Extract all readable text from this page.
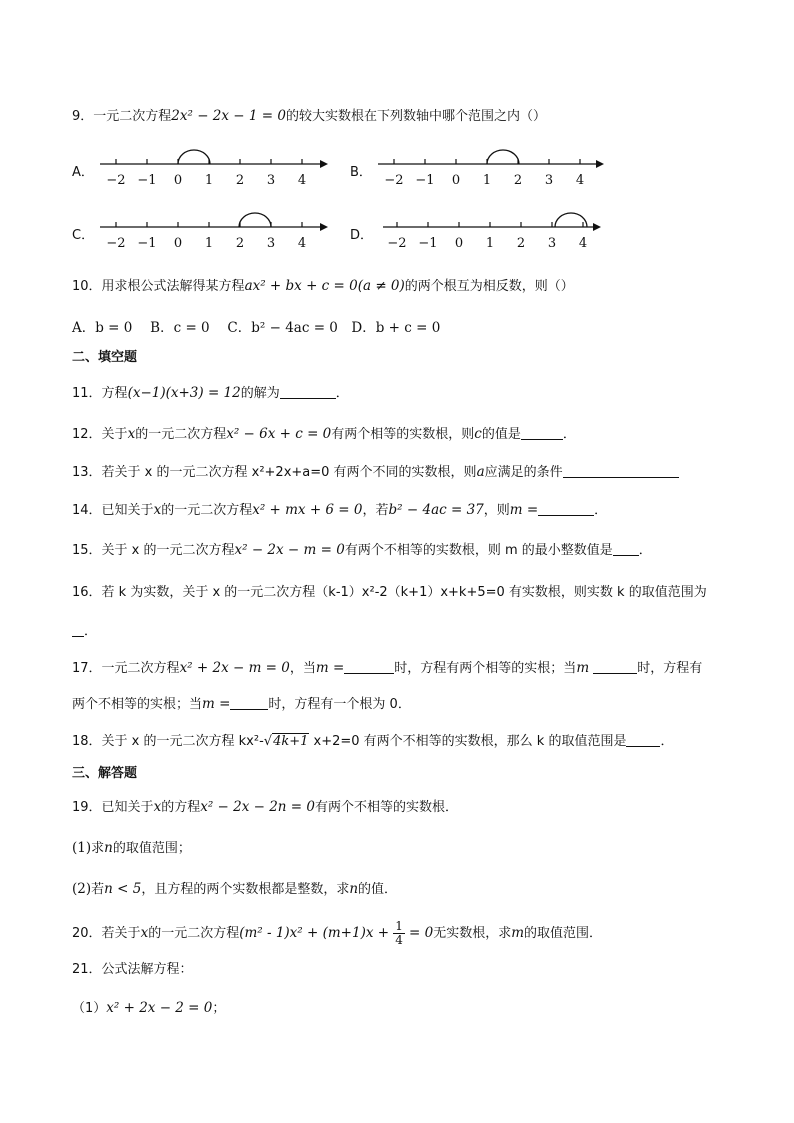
9．一元二次方程2x² − 2x − 1 = 0的较大实数根在下列数轴中哪个范围之内（）
A．
−2 −1 0 1 2 3 4
B．
−2 −1 0 1 2 3 4
C．
−2 −1 0 1 2 3 4
D．
−2 −1 0 1 2 3 4
10．用求根公式法解得某方程ax² + bx + c = 0(a ≠ 0)的两个根互为相反数，则（）
A．b = 0　 B．c = 0　 C．b² − 4ac = 0　D．b + c = 0
二、填空题
11．方程(x−1)(x+3) = 12的解为	．
12．关于x的一元二次方程x² − 6x + c = 0有两个相等的实数根，则c的值是	．
13．若关于 x 的一元二次方程 x²+2x+a=0 有两个不同的实数根，则a应满足的条件
14．已知关于x的一元二次方程x² + mx + 6 = 0，若b² − 4ac = 37，则m =	．
15．关于 x 的一元二次方程x² − 2x − m = 0有两个不相等的实数根，则 m 的最小整数值是 ．
16．若 k 为实数，关于 x 的一元二次方程（k-1）x²-2（k+1）x+k+5=0 有实数根，则实数 k 的取值范围为
．
17．一元二次方程x² + 2x − m = 0，当m =	时，方程有两个相等的实根；当m	时，方程有
两个不相等的实根；当m =	时，方程有一个根为 0．
18．关于 x 的一元二次方程 kx²-√4k+1 x+2=0 有两个不相等的实数根，那么 k 的取值范围是	．
三、解答题
19．已知关于x的方程x² − 2x − 2n = 0有两个不相等的实数根．
(1)求n的取值范围；
(2)若n < 5，且方程的两个实数根都是整数，求n的值．
20．若关于x的一元二次方程$(m^2 - 1)x^2 + (m+1)x + \frac{1}{4} = 0$无实数根，求m的取值范围．
21．公式法解方程：
（1）x² + 2x − 2 = 0；
